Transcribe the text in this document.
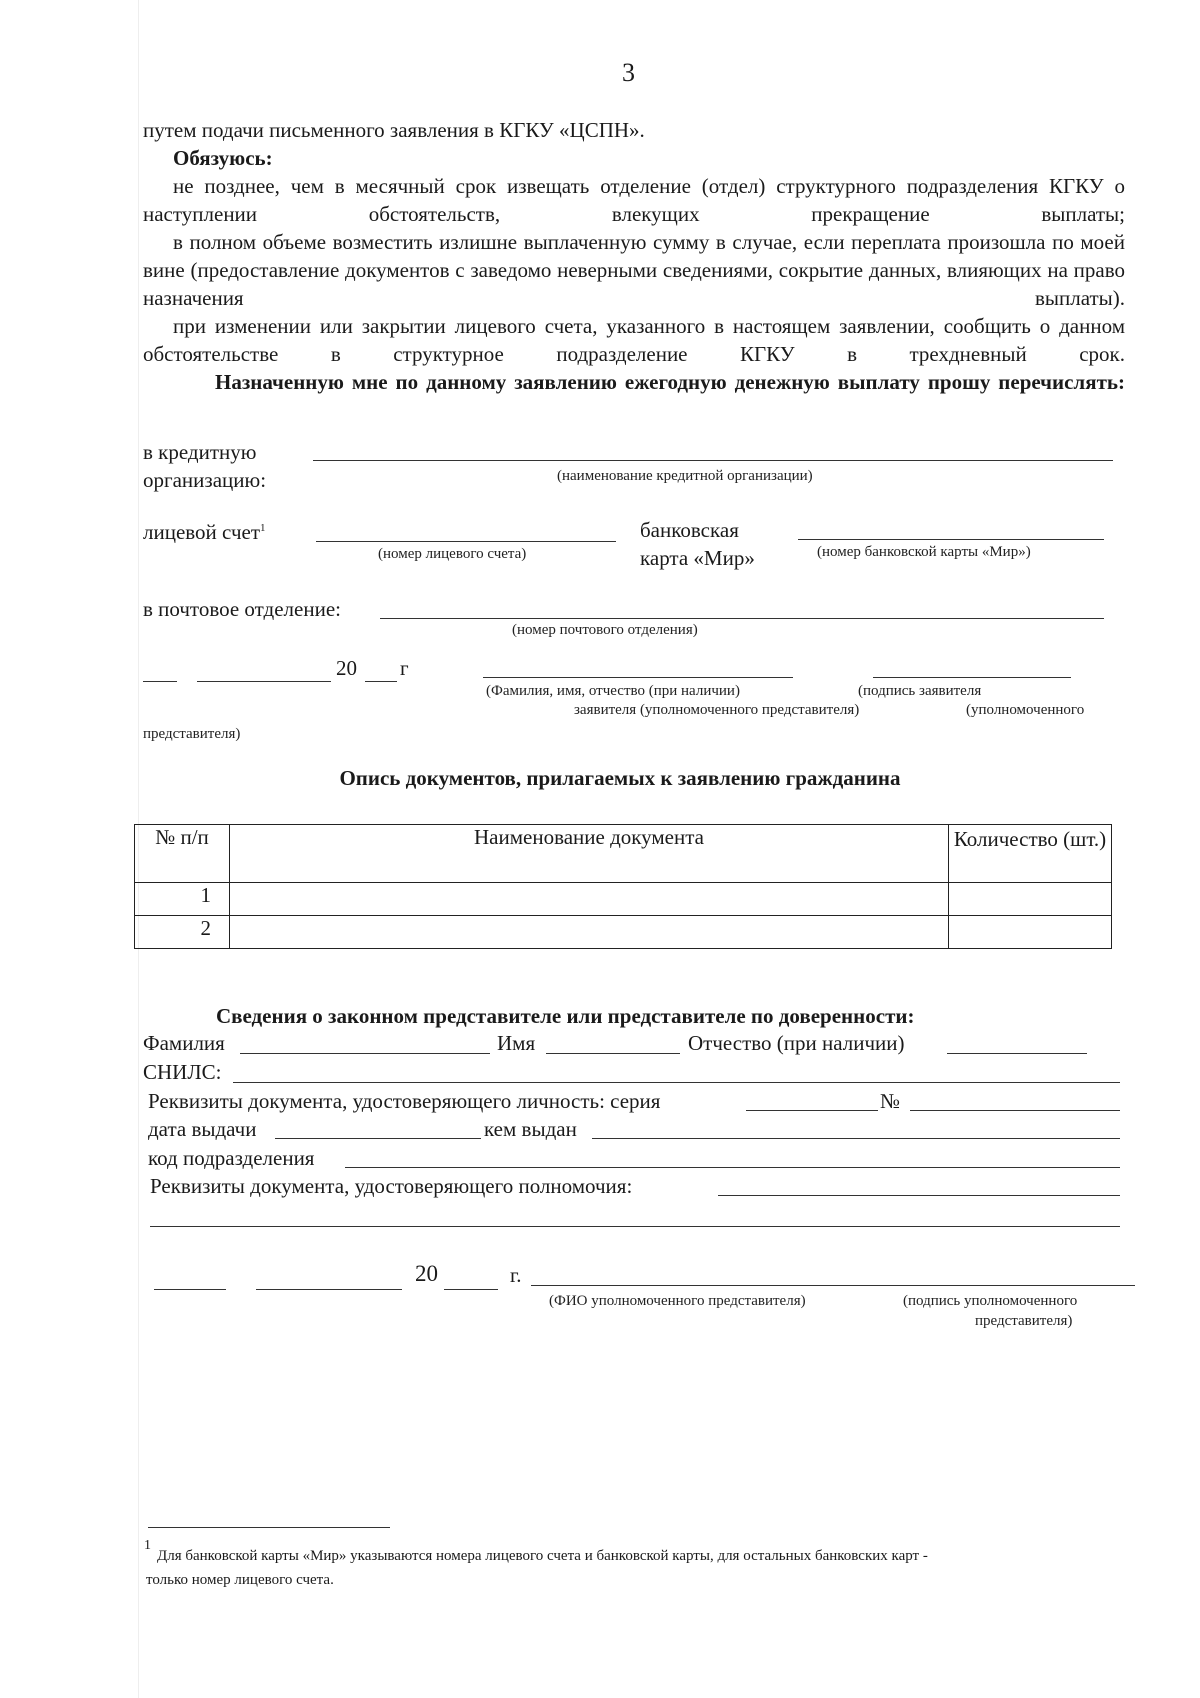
3
путем подачи письменного заявления в КГКУ «ЦСПН».
Обязуюсь:
не позднее, чем в месячный срок извещать отделение (отдел) структурного подразделения КГКУ о наступлении обстоятельств, влекущих прекращение выплаты;
в полном объеме возместить излишне выплаченную сумму в случае, если переплата произошла по моей вине (предоставление документов с заведомо неверными сведениями, сокрытие данных, влияющих на право назначения выплаты).
при изменении или закрытии лицевого счета, указанного в настоящем заявлении, сообщить о данном обстоятельстве в структурное подразделение КГКУ в трехдневный срок.
Назначенную мне по данному заявлению ежегодную денежную выплату прошу перечислять:
в кредитную
организацию:	(наименование кредитной организации)
лицевой счет$^1$
(номер лицевого счета)
банковская
карта «Мир»	(номер банковской карты «Мир»)
в почтовое отделение:
(номер почтового отделения)
20 г
(Фамилия, имя, отчество (при наличии)	(подпись заявителя
заявителя (уполномоченного представителя)	(уполномоченного
представителя)
Опись документов, прилагаемых к заявлению гражданина
№ п/п	Наименование документа	Количество (шт.)
1		
2		
Сведения о законном представителе или представителе по доверенности:
Фамилия	Имя	Отчество (при наличии)
СНИЛС:
Реквизиты документа, удостоверяющего личность: серия	№
дата выдачи	кем выдан
код подразделения
Реквизиты документа, удостоверяющего полномочия:
20	г.
(ФИО уполномоченного представителя)	(подпись уполномоченного
представителя)
1
Для банковской карты «Мир» указываются номера лицевого счета и банковской карты, для остальных банковских карт -
только номер лицевого счета.
